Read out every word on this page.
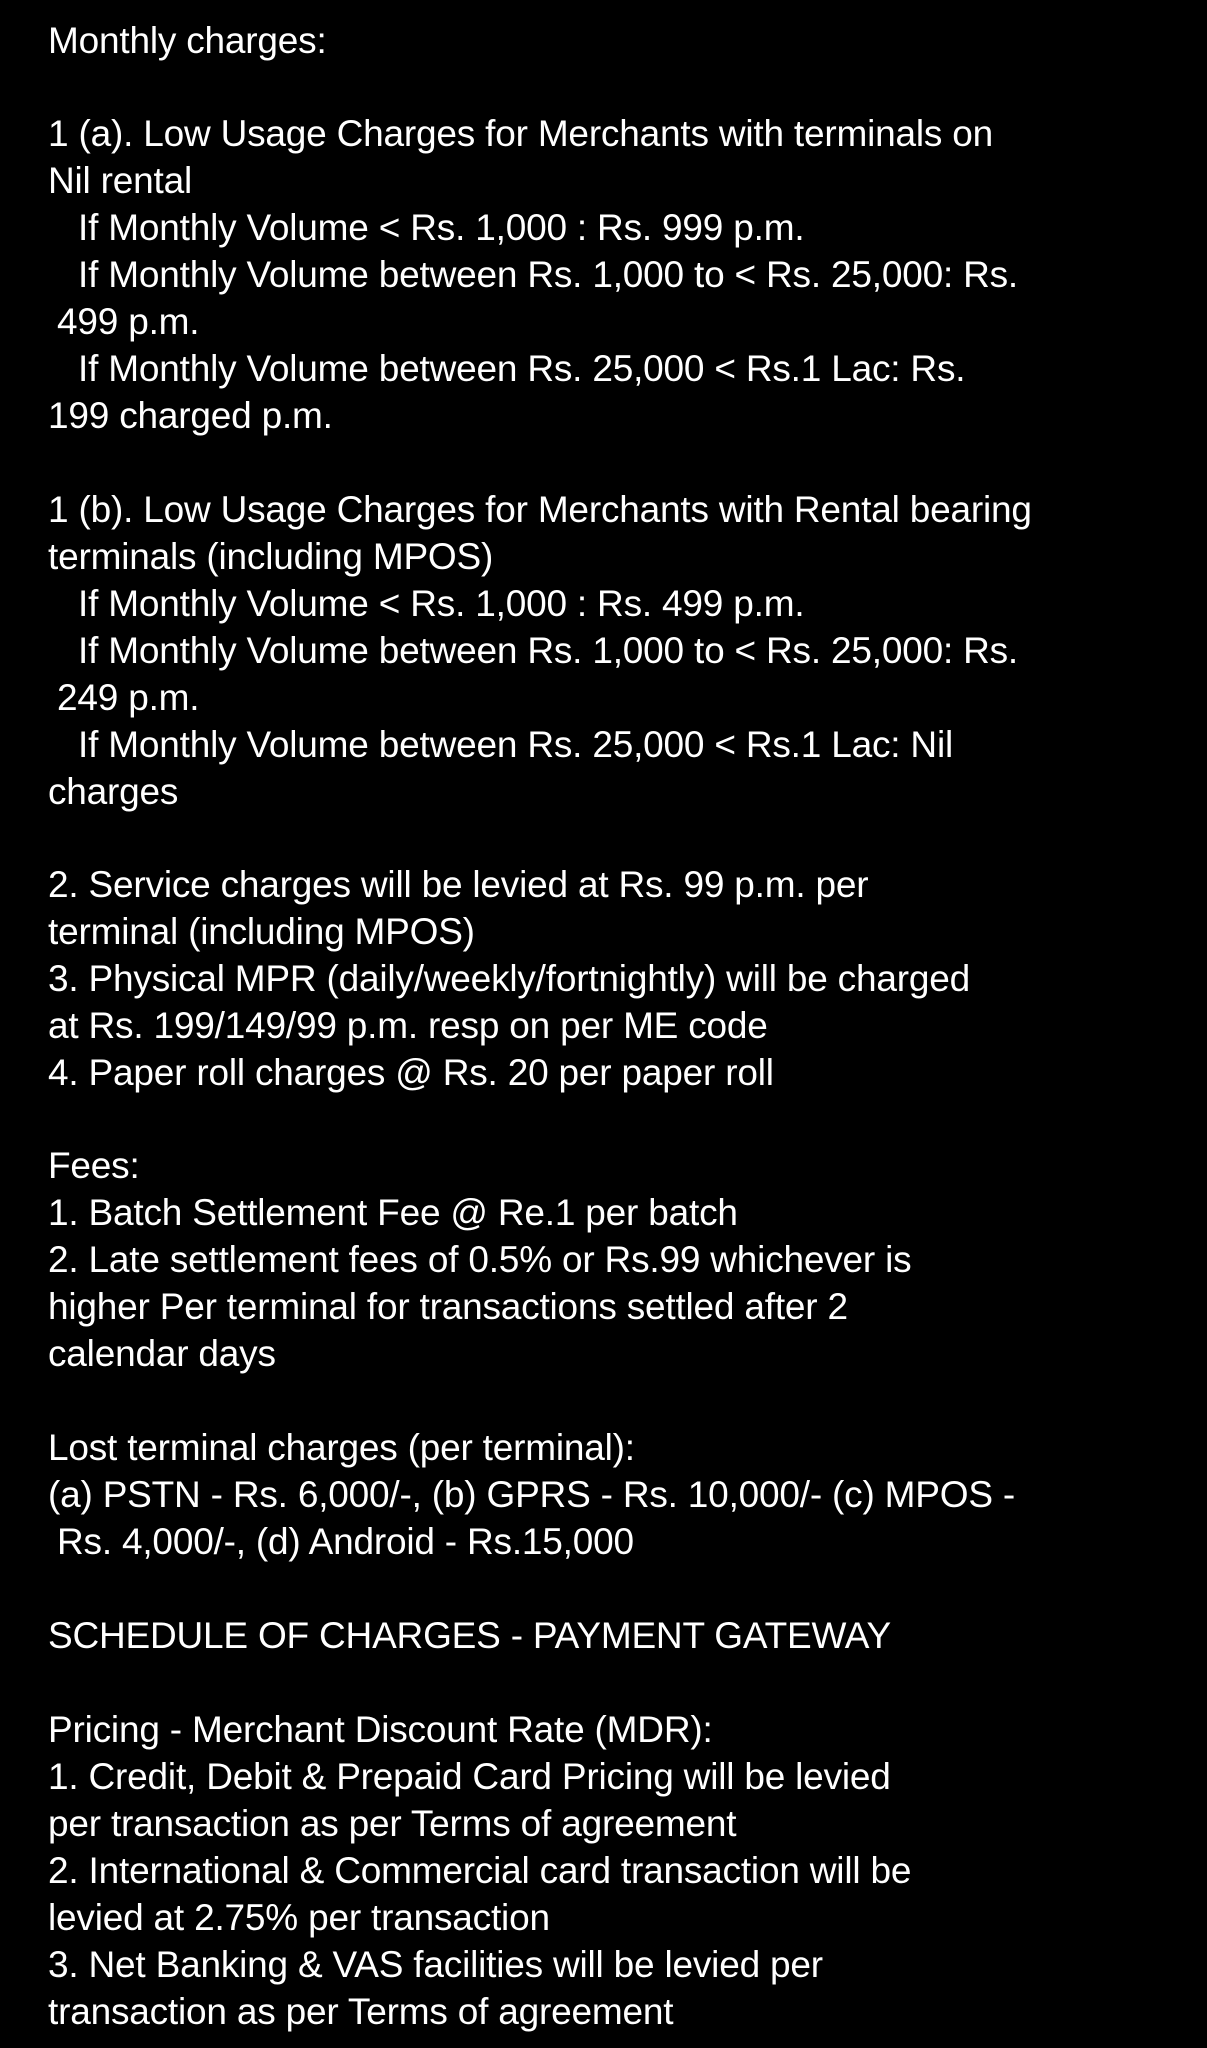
Monthly charges:
1 (a). Low Usage Charges for Merchants with terminals on
Nil rental
If Monthly Volume < Rs. 1,000 : Rs. 999 p.m.
If Monthly Volume between Rs. 1,000 to < Rs. 25,000: Rs.
499 p.m.
If Monthly Volume between Rs. 25,000 < Rs.1 Lac: Rs.
199 charged p.m.
1 (b). Low Usage Charges for Merchants with Rental bearing
terminals (including MPOS)
If Monthly Volume < Rs. 1,000 : Rs. 499 p.m.
If Monthly Volume between Rs. 1,000 to < Rs. 25,000: Rs.
249 p.m.
If Monthly Volume between Rs. 25,000 < Rs.1 Lac: Nil
charges
2. Service charges will be levied at Rs. 99 p.m. per
terminal (including MPOS)
3. Physical MPR (daily/weekly/fortnightly) will be charged
at Rs. 199/149/99 p.m. resp on per ME code
4. Paper roll charges @ Rs. 20 per paper roll
Fees:
1. Batch Settlement Fee @ Re.1 per batch
2. Late settlement fees of 0.5% or Rs.99 whichever is
higher Per terminal for transactions settled after 2
calendar days
Lost terminal charges (per terminal):
(a) PSTN - Rs. 6,000/-, (b) GPRS - Rs. 10,000/- (c) MPOS -
Rs. 4,000/-, (d) Android - Rs.15,000
SCHEDULE OF CHARGES - PAYMENT GATEWAY
Pricing - Merchant Discount Rate (MDR):
1. Credit, Debit & Prepaid Card Pricing will be levied
per transaction as per Terms of agreement
2. International & Commercial card transaction will be
levied at 2.75% per transaction
3. Net Banking & VAS facilities will be levied per
transaction as per Terms of agreement
